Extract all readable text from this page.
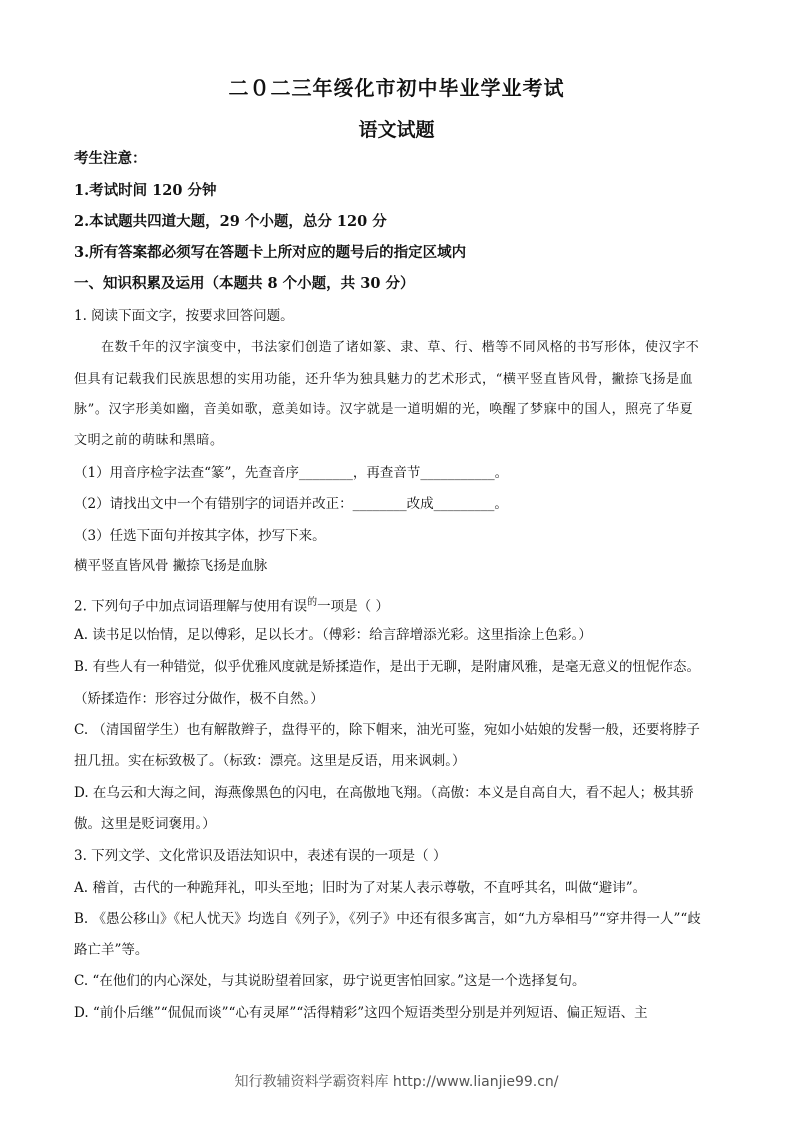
二０二三年绥化市初中毕业学业考试
语文试题
考生注意：
1.考试时间 120 分钟
2.本试题共四道大题，29 个小题，总分 120 分
3.所有答案都必须写在答题卡上所对应的题号后的指定区域内
一、知识积累及运用（本题共 8 个小题，共 30 分）
1. 阅读下面文字，按要求回答问题。
在数千年的汉字演变中，书法家们创造了诸如篆、隶、草、行、楷等不同风格的书写形体，使汉字不
但具有记载我们民族思想的实用功能，还升华为独具魅力的艺术形式，“横平竖直皆风骨，撇捺飞扬是血
脉”。汉字形美如幽，音美如歌，意美如诗。汉字就是一道明媚的光，唤醒了梦寐中的国人，照亮了华夏
文明之前的萌昧和黑暗。
（1）用音序检字法查“篆”，先查音序________，再查音节___________。
（2）请找出文中一个有错别字的词语并改正：________改成_________。
（3）任选下面句并按其字体，抄写下来。
横平竖直皆风骨 撇捺飞扬是血脉
2. 下列句子中加点词语理解与使用有误$^的$一项是（ ）
A. 读书足以怡情，足以傅彩，足以长才。（傅彩：给言辞增添光彩。这里指涂上色彩。）
B. 有些人有一种错觉，似乎优雅风度就是矫揉造作，是出于无聊，是附庸风雅，是毫无意义的忸怩作态。
（矫揉造作：形容过分做作，极不自然。）
C. （清国留学生）也有解散辫子，盘得平的，除下帽来，油光可鉴，宛如小姑娘的发髻一般，还要将脖子
扭几扭。实在标致极了。（标致：漂亮。这里是反语，用来讽刺。）
D. 在乌云和大海之间，海燕像黑色的闪电，在高傲地飞翔。（高傲：本义是自高自大，看不起人；极其骄
傲。这里是贬词褒用。）
3. 下列文学、文化常识及语法知识中，表述有误的一项是（ ）
A. 稽首，古代的一种跪拜礼，叩头至地；旧时为了对某人表示尊敬，不直呼其名，叫做“避讳”。
B. 《愚公移山》《杞人忧天》均选自《列子》，《列子》中还有很多寓言，如“九方皋相马”“穿井得一人”“歧
路亡羊”等。
C. “在他们的内心深处，与其说盼望着回家，毋宁说更害怕回家。”这是一个选择复句。
D. “前仆后继”“侃侃而谈”“心有灵犀”“活得精彩”这四个短语类型分别是并列短语、偏正短语、主
知行教辅资料学霸资料库 http://www.lianjie99.cn/
